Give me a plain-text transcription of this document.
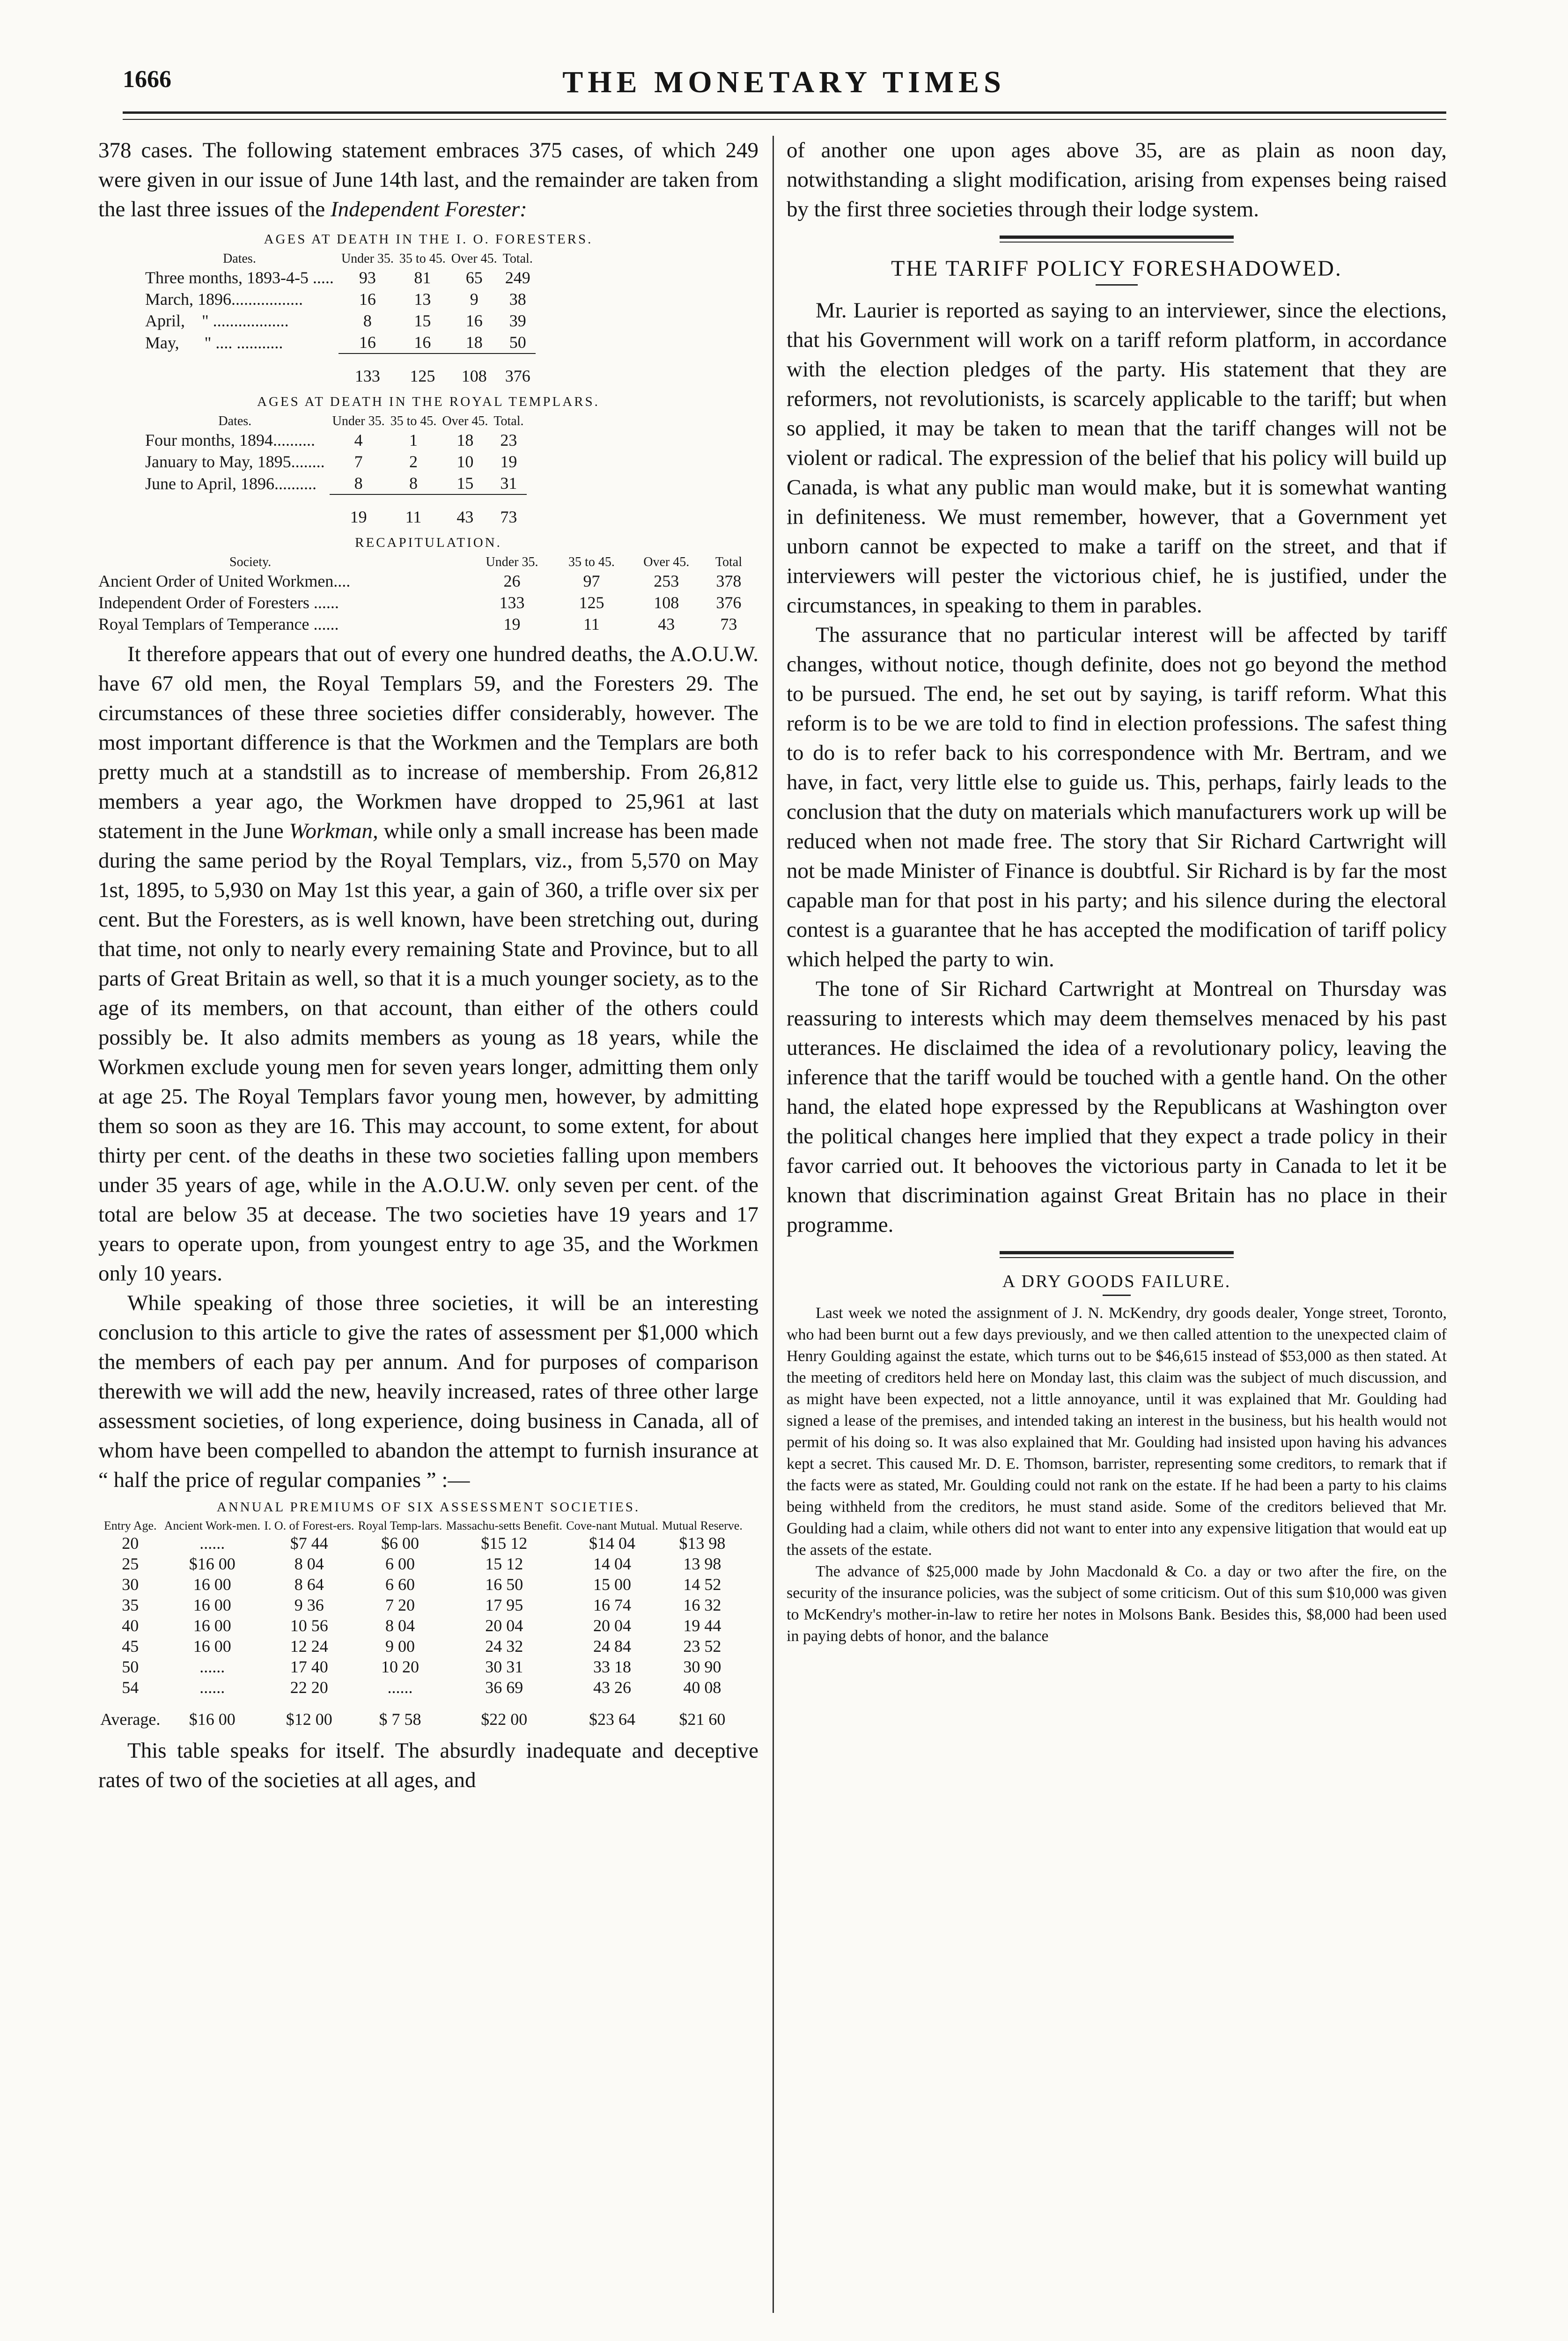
1666	THE MONETARY TIMES

378 cases. The following statement embraces 375 cases, of which 249 were given in our issue of June 14th last, and the remainder are taken from the last three issues of the Independent Forester:

AGES AT DEATH IN THE I. O. FORESTERS.
Dates.	Under 35.	35 to 45.	Over 45.	Total.
Three months, 1893-4-5 .....	93	81	65	249
March, 1896.................	16	13	9	38
April,    " ..................	8	15	16	39
May,      " .... ...........	16	16	18	50
	133	125	108	376
AGES AT DEATH IN THE ROYAL TEMPLARS.
Dates.	Under 35.	35 to 45.	Over 45.	Total.
Four months, 1894..........	4	1	18	23
January to May, 1895........	7	2	10	19
June to April, 1896..........	8	8	15	31
	19	11	43	73
RECAPITULATION.
Society.	Under 35.	35 to 45.	Over 45.	Total
Ancient Order of United Workmen....	26	97	253	378
Independent Order of Foresters ......	133	125	108	376
Royal Templars of Temperance ......	19	11	43	73

It therefore appears that out of every one hundred deaths, the A.O.U.W. have 67 old men, the Royal Templars 59, and the Foresters 29. The circumstances of these three societies differ considerably, however. The most important difference is that the Workmen and the Templars are both pretty much at a standstill as to increase of membership. From 26,812 members a year ago, the Workmen have dropped to 25,961 at last statement in the June Workman, while only a small increase has been made during the same period by the Royal Templars, viz., from 5,570 on May 1st, 1895, to 5,930 on May 1st this year, a gain of 360, a trifle over six per cent. But the Foresters, as is well known, have been stretching out, during that time, not only to nearly every remaining State and Province, but to all parts of Great Britain as well, so that it is a much younger society, as to the age of its members, on that account, than either of the others could possibly be. It also admits members as young as 18 years, while the Workmen exclude young men for seven years longer, admitting them only at age 25. The Royal Templars favor young men, however, by admitting them so soon as they are 16. This may account, to some extent, for about thirty per cent. of the deaths in these two societies falling upon members under 35 years of age, while in the A.O.U.W. only seven per cent. of the total are below 35 at decease. The two societies have 19 years and 17 years to operate upon, from youngest entry to age 35, and the Workmen only 10 years.

While speaking of those three societies, it will be an interesting conclusion to this article to give the rates of assessment per $1,000 which the members of each pay per annum. And for purposes of comparison therewith we will add the new, heavily increased, rates of three other large assessment societies, of long experience, doing business in Canada, all of whom have been compelled to abandon the attempt to furnish insurance at “ half the price of regular companies ” :—

ANNUAL PREMIUMS OF SIX ASSESSMENT SOCIETIES.
Entry Age.	Ancient Work-men.	I. O. of Forest-ers.	Royal Temp-lars.	Massachu-setts Benefit.	Cove-nant Mutual.	Mutual Reserve.
20	......	$7 44	$6 00	$15 12	$14 04	$13 98
25	$16 00	8 04	6 00	15 12	14 04	13 98
30	16 00	8 64	6 60	16 50	15 00	14 52
35	16 00	9 36	7 20	17 95	16 74	16 32
40	16 00	10 56	8 04	20 04	20 04	19 44
45	16 00	12 24	9 00	24 32	24 84	23 52
50	......	17 40	10 20	30 31	33 18	30 90
54	......	22 20	......	36 69	43 26	40 08
Average.	$16 00	$12 00	$ 7 58	$22 00	$23 64	$21 60

This table speaks for itself. The absurdly inadequate and deceptive rates of two of the societies at all ages, and

of another one upon ages above 35, are as plain as noon day, notwithstanding a slight modification, arising from expenses being raised by the first three societies through their lodge system.

THE TARIFF POLICY FORESHADOWED.

Mr. Laurier is reported as saying to an interviewer, since the elections, that his Government will work on a tariff reform platform, in accordance with the election pledges of the party. His statement that they are reformers, not revolutionists, is scarcely applicable to the tariff; but when so applied, it may be taken to mean that the tariff changes will not be violent or radical. The expression of the belief that his policy will build up Canada, is what any public man would make, but it is somewhat wanting in definiteness. We must remember, however, that a Government yet unborn cannot be expected to make a tariff on the street, and that if interviewers will pester the victorious chief, he is justified, under the circumstances, in speaking to them in parables.

The assurance that no particular interest will be affected by tariff changes, without notice, though definite, does not go beyond the method to be pursued. The end, he set out by saying, is tariff reform. What this reform is to be we are told to find in election professions. The safest thing to do is to refer back to his correspondence with Mr. Bertram, and we have, in fact, very little else to guide us. This, perhaps, fairly leads to the conclusion that the duty on materials which manufacturers work up will be reduced when not made free. The story that Sir Richard Cartwright will not be made Minister of Finance is doubtful. Sir Richard is by far the most capable man for that post in his party; and his silence during the electoral contest is a guarantee that he has accepted the modification of tariff policy which helped the party to win.

The tone of Sir Richard Cartwright at Montreal on Thursday was reassuring to interests which may deem themselves menaced by his past utterances. He disclaimed the idea of a revolutionary policy, leaving the inference that the tariff would be touched with a gentle hand. On the other hand, the elated hope expressed by the Republicans at Washington over the political changes here implied that they expect a trade policy in their favor carried out. It behooves the victorious party in Canada to let it be known that discrimination against Great Britain has no place in their programme.

A DRY GOODS FAILURE.

Last week we noted the assignment of J. N. McKendry, dry goods dealer, Yonge street, Toronto, who had been burnt out a few days previously, and we then called attention to the unexpected claim of Henry Goulding against the estate, which turns out to be $46,615 instead of $53,000 as then stated. At the meeting of creditors held here on Monday last, this claim was the subject of much discussion, and as might have been expected, not a little annoyance, until it was explained that Mr. Goulding had signed a lease of the premises, and intended taking an interest in the business, but his health would not permit of his doing so. It was also explained that Mr. Goulding had insisted upon having his advances kept a secret. This caused Mr. D. E. Thomson, barrister, representing some creditors, to remark that if the facts were as stated, Mr. Goulding could not rank on the estate. If he had been a party to his claims being withheld from the creditors, he must stand aside. Some of the creditors believed that Mr. Goulding had a claim, while others did not want to enter into any expensive litigation that would eat up the assets of the estate.

The advance of $25,000 made by John Macdonald & Co. a day or two after the fire, on the security of the insurance policies, was the subject of some criticism. Out of this sum $10,000 was given to McKendry's mother-in-law to retire her notes in Molsons Bank. Besides this, $8,000 had been used in paying debts of honor, and the balance
